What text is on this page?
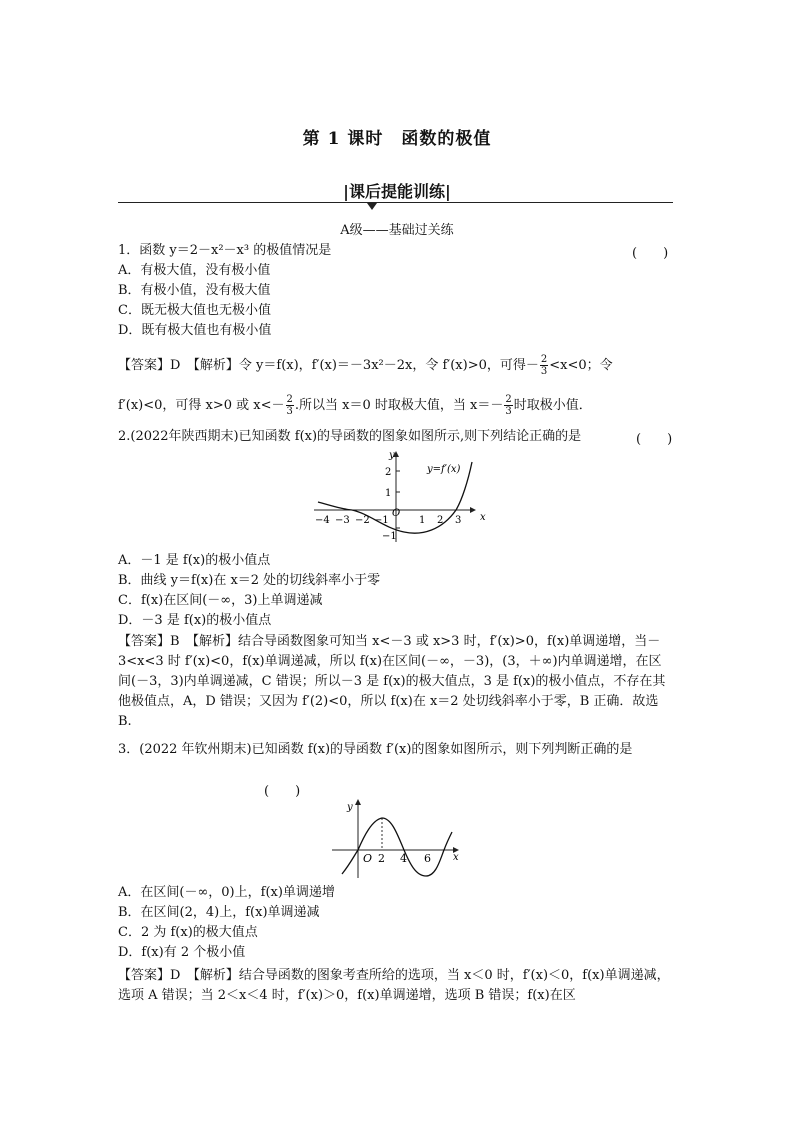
第 1 课时　函数的极值
|课后提能训练|
A级——基础过关练
1．函数 y＝2－x²－x³ 的极值情况是	(　　)
A．有极大值，没有极小值
B．有极小值，没有极大值
C．既无极大值也无极小值
D．既有极大值也有极小值
【答案】D　【解析】令 y＝f(x)，f′(x)＝－3x²－2x，令 f′(x)>0，可得－ $\frac{2}{3} <x<0$；令
f′(x)<0，可得 x>0 或 $x<- \frac{2}{3}$ .所以当 x＝0 时取极大值，当 $x=- \frac{2}{3}$ 时取极小值．
2.(2022年陕西期末)已知函数 f(x)的导函数的图象如图所示,则下列结论正确的是	(　　)
x
y
y=f′(x)
2
1
−1
−4 −3 −2 −1
O
1 2 3
A．－1 是 f(x)的极小值点
B．曲线 y＝f(x)在 x＝2 处的切线斜率小于零
C．f(x)在区间(－∞，3)上单调递减
D．－3 是 f(x)的极小值点
【答案】B　【解析】结合导函数图象可知当 x<－3 或 x>3 时，f′(x)>0，f(x)单调递增，当－3<x<3 时 f′(x)<0，f(x)单调递减，所以 f(x)在区间(－∞，－3)，(3，＋∞)内单调递增，在区间(－3，3)内单调递减，C 错误；所以－3 是 f(x)的极大值点，3 是 f(x)的极小值点，不存在其他极值点，A，D 错误；又因为 f′(2)<0，所以 f(x)在 x＝2 处切线斜率小于零，B 正确．故选 B.
3．(2022 年钦州期末)已知函数 f(x)的导函数 f′(x)的图象如图所示，则下列判断正确的是
(　　)
x
y
O 2 4 6
A．在区间(－∞，0)上，f(x)单调递增
B．在区间(2，4)上，f(x)单调递减
C．2 为 f(x)的极大值点
D．f(x)有 2 个极小值
【答案】D　【解析】结合导函数的图象考查所给的选项，当 x＜0 时，f′(x)＜0，f(x)单调递减，选项 A 错误；当 2＜x＜4 时，f′(x)＞0，f(x)单调递增，选项 B 错误；f(x)在区
